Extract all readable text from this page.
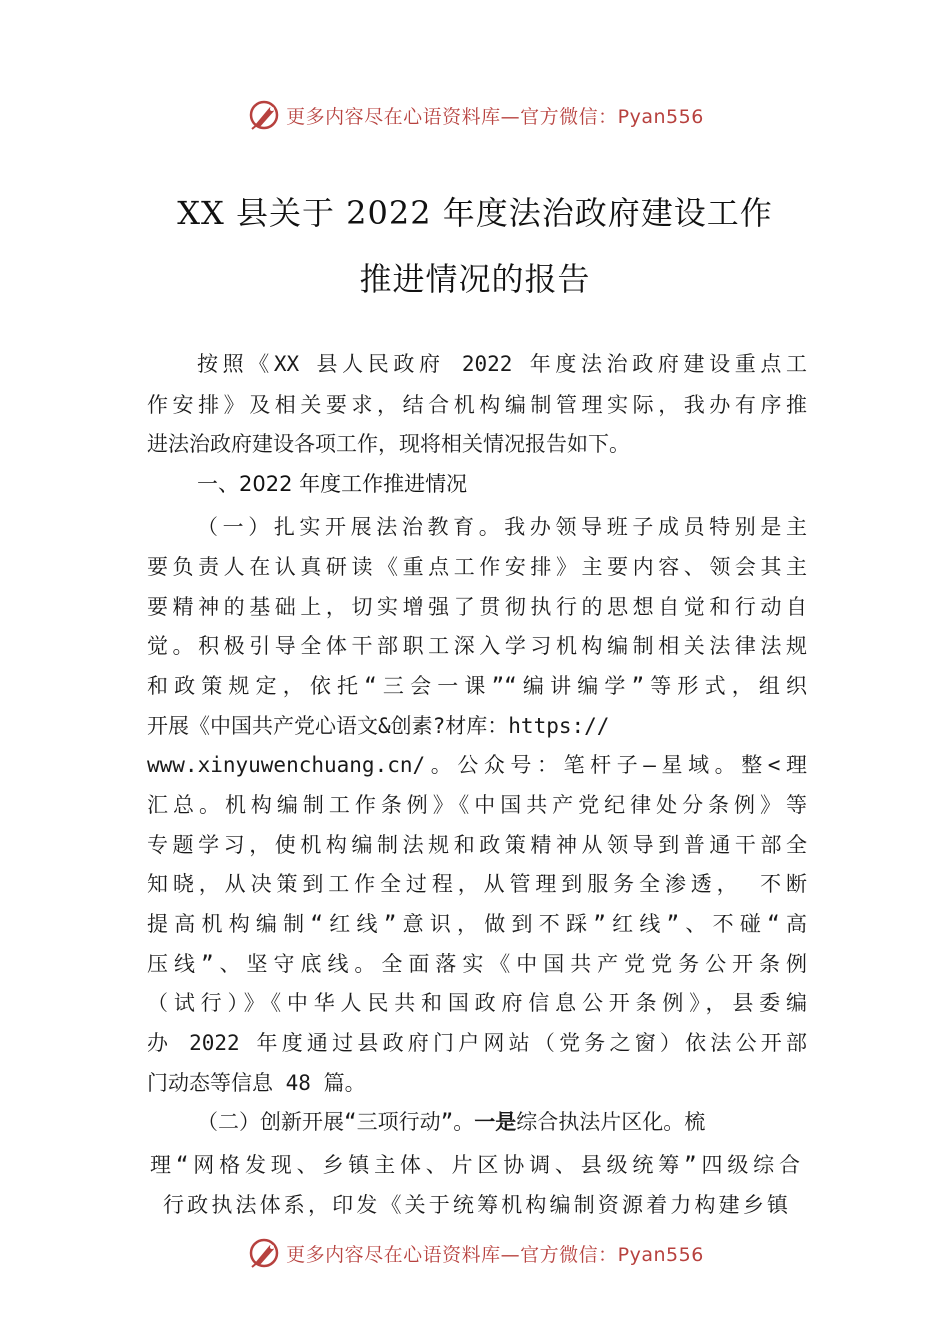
更多内容尽在心语资料库—官方微信：Pyan556
XX 县关于 2022 年度法治政府建设工作
推进情况的报告
按照《XX 县人民政府 2022 年度法治政府建设重点工
作安排》及相关要求，结合机构编制管理实际，我办有序推
进法治政府建设各项工作，现将相关情况报告如下。
一、2022 年度工作推进情况
（一）扎实开展法治教育。我办领导班子成员特别是主
要负责人在认真研读《重点工作安排》主要内容、领会其主
要精神的基础上，切实增强了贯彻执行的思想自觉和行动自
觉。积极引导全体干部职工深入学习机构编制相关法律法规
和政策规定，依托“三会一课”“编讲编学”等形式，组织
开展《中国共产党心语文&创素?材库：https://
www.xinyuwenchuang.cn/。公众号：笔杆子—星域。整<理
汇总。机构编制工作条例》《中国共产党纪律处分条例》等
专题学习，使机构编制法规和政策精神从领导到普通干部全
知晓，从决策到工作全过程，从管理到服务全渗透， 不断
提高机构编制“红线”意识，做到不踩”红线”、不碰“高
压线”、坚守底线。全面落实《中国共产党党务公开条例
（试行）》《中华人民共和国政府信息公开条例》，县委编
办 2022 年度通过县政府门户网站（党务之窗）依法公开部
门动态等信息 48 篇。
（二）创新开展“三项行动”。一是综合执法片区化。梳
理“网格发现、乡镇主体、片区协调、县级统筹”四级综合
行政执法体系，印发《关于统筹机构编制资源着力构建乡镇
更多内容尽在心语资料库—官方微信：Pyan556
